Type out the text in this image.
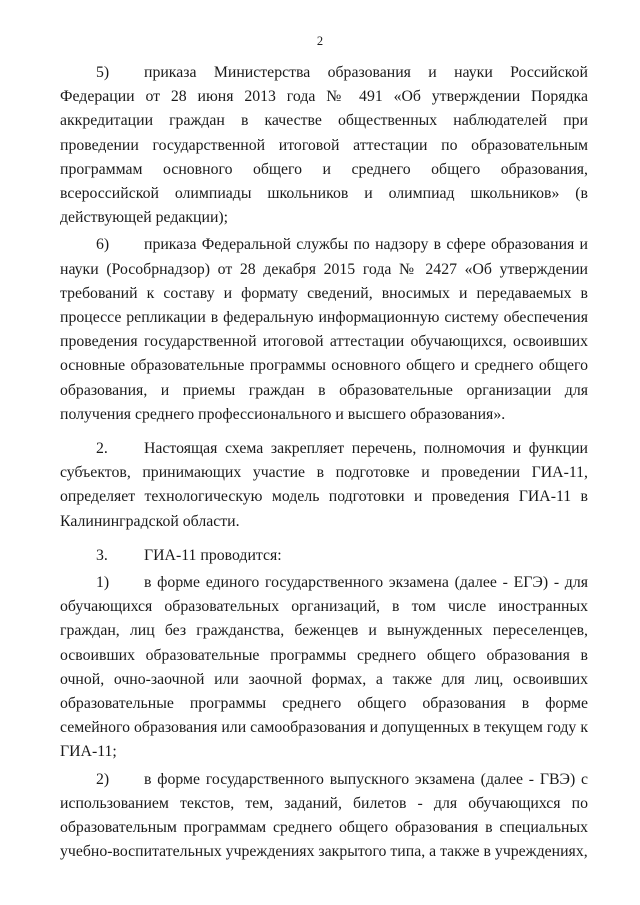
2

5) приказа Министерства образования и науки Российской Федерации от 28 июня 2013 года № 491 «Об утверждении Порядка аккредитации граждан в качестве общественных наблюдателей при проведении государственной итоговой аттестации по образовательным программам основного общего и среднего общего образования, всероссийской олимпиады школьников и олимпиад школьников» (в действующей редакции);

6) приказа Федеральной службы по надзору в сфере образования и науки (Рособрнадзор) от 28 декабря 2015 года № 2427 «Об утверждении требований к составу и формату сведений, вносимых и передаваемых в процессе репликации в федеральную информационную систему обеспечения проведения государственной итоговой аттестации обучающихся, освоивших основные образовательные программы основного общего и среднего общего образования, и приемы граждан в образовательные организации для получения среднего профессионального и высшего образования».

2. Настоящая схема закрепляет перечень, полномочия и функции субъектов, принимающих участие в подготовке и проведении ГИА-11, определяет технологическую модель подготовки и проведения ГИА-11 в Калининградской области.

3. ГИА-11 проводится:

1) в форме единого государственного экзамена (далее - ЕГЭ) - для обучающихся образовательных организаций, в том числе иностранных граждан, лиц без гражданства, беженцев и вынужденных переселенцев, освоивших образовательные программы среднего общего образования в очной, очно-заочной или заочной формах, а также для лиц, освоивших образовательные программы среднего общего образования в форме семейного образования или самообразования и допущенных в текущем году к ГИА-11;

2) в форме государственного выпускного экзамена (далее - ГВЭ) с использованием текстов, тем, заданий, билетов - для обучающихся по образовательным программам среднего общего образования в специальных учебно-воспитательных учреждениях закрытого типа, а также в учреждениях,
